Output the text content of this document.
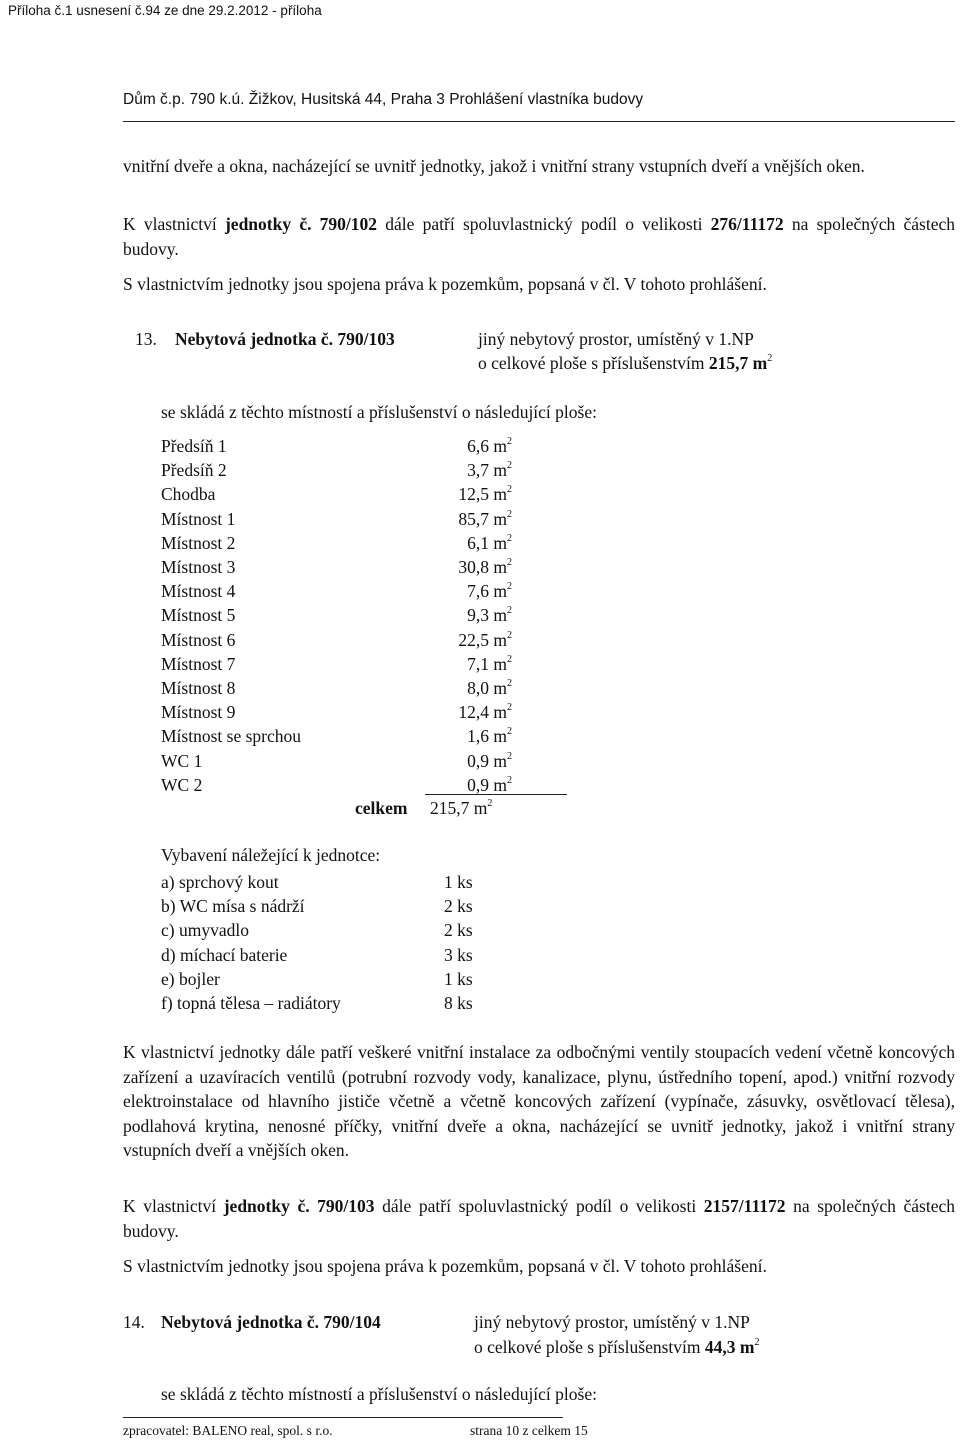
Příloha č.1 usnesení č.94 ze dne 29.2.2012 - příloha
Dům č.p. 790 k.ú. Žižkov, Husitská 44, Praha 3 Prohlášení vlastníka budovy
vnitřní dveře a okna, nacházející se uvnitř jednotky, jakož i vnitřní strany vstupních dveří a vnějších oken.
K vlastnictví jednotky č. 790/102 dále patří spoluvlastnický podíl o velikosti 276/11172 na společných částech budovy.
S vlastnictvím jednotky jsou spojena práva k pozemkům, popsaná v čl. V tohoto prohlášení.
13. Nebytová jednotka č. 790/103	jiný nebytový prostor, umístěný v 1.NP
o celkové ploše s příslušenstvím 215,7 $m^2$
se skládá z těchto místností a příslušenství o následující ploše:
Předsíň 1	6,6 $m^2$
Předsíň 2	3,7 $m^2$
Chodba	12,5 $m^2$
Místnost 1	85,7 $m^2$
Místnost 2	6,1 $m^2$
Místnost 3	30,8 $m^2$
Místnost 4	7,6 $m^2$
Místnost 5	9,3 $m^2$
Místnost 6	22,5 $m^2$
Místnost 7	7,1 $m^2$
Místnost 8	8,0 $m^2$
Místnost 9	12,4 $m^2$
Místnost se sprchou	1,6 $m^2$
WC 1	0,9 $m^2$
WC 2	0,9 $m^2$
celkem 215,7 $m^2$
Vybavení náležející k jednotce:
a) sprchový kout	1 ks
b) WC mísa s nádrží	2 ks
c) umyvadlo	2 ks
d) míchací baterie	3 ks
e) bojler	1 ks
f) topná tělesa – radiátory	8 ks
K vlastnictví jednotky dále patří veškeré vnitřní instalace za odbočnými ventily stoupacích vedení včetně koncových zařízení a uzavíracích ventilů (potrubní rozvody vody, kanalizace, plynu, ústředního topení, apod.) vnitřní rozvody elektroinstalace od hlavního jističe včetně a včetně koncových zařízení (vypínače, zásuvky, osvětlovací tělesa), podlahová krytina, nenosné příčky, vnitřní dveře a okna, nacházející se uvnitř jednotky, jakož i vnitřní strany vstupních dveří a vnějších oken.
K vlastnictví jednotky č. 790/103 dále patří spoluvlastnický podíl o velikosti 2157/11172 na společných částech budovy.
S vlastnictvím jednotky jsou spojena práva k pozemkům, popsaná v čl. V tohoto prohlášení.
14. Nebytová jednotka č. 790/104	jiný nebytový prostor, umístěný v 1.NP
o celkové ploše s příslušenstvím 44,3 $m^2$
se skládá z těchto místností a příslušenství o následující ploše:
zpracovatel: BALENO real, spol. s r.o.	strana 10 z celkem 15
